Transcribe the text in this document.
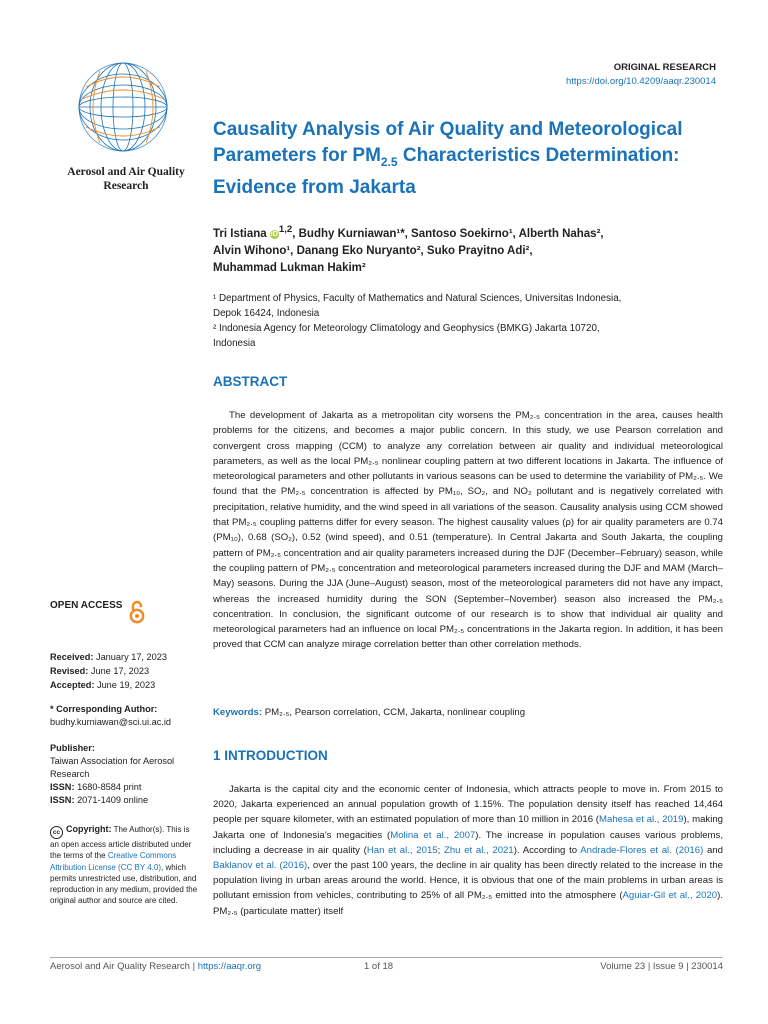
Aerosol and Air Quality Research
ORIGINAL RESEARCH
https://doi.org/10.4209/aaqr.230014
Causality Analysis of Air Quality and Meteorological
Parameters for $PM_{2.5}$ Characteristics Determination:
Evidence from Jakarta
Tri Istiana iD$^{1,2}$, Budhy Kurniawan¹*, Santoso Soekirno¹, Alberth Nahas²,
Alvin Wihono¹, Danang Eko Nuryanto², Suko Prayitno Adi²,
Muhammad Lukman Hakim²
¹ Department of Physics, Faculty of Mathematics and Natural Sciences, Universitas Indonesia,
Depok 16424, Indonesia
² Indonesia Agency for Meteorology Climatology and Geophysics (BMKG) Jakarta 10720,
Indonesia
ABSTRACT

The development of Jakarta as a metropolitan city worsens the PM₂.₅ concentration in the area, causes health problems for the citizens, and becomes a major public concern. In this study, we use Pearson correlation and convergent cross mapping (CCM) to analyze any correlation between air quality and individual meteorological parameters, as well as the local PM₂.₅ nonlinear coupling pattern at two different locations in Jakarta. The influence of meteorological parameters and other pollutants in various seasons can be used to determine the variability of PM₂.₅. We found that the PM₂.₅ concentration is affected by PM₁₀, SO₂, and NO₂ pollutant and is negatively correlated with precipitation, relative humidity, and the wind speed in all variations of the season. Causality analysis using CCM showed that PM₂.₅ coupling patterns differ for every season. The highest causality values (ρ) for air quality parameters are 0.74 (PM₁₀), 0.68 (SO₂), 0.52 (wind speed), and 0.51 (temperature). In Central Jakarta and South Jakarta, the coupling pattern of PM₂.₅ concentration and air quality parameters increased during the DJF (December–February) season, while the coupling pattern of PM₂.₅ concentration and meteorological parameters increased during the DJF and MAM (March–May) seasons. During the JJA (June–August) season, most of the meteorological parameters did not have any impact, whereas the increased humidity during the SON (September–November) season also increased the PM₂.₅ concentration. In conclusion, the significant outcome of our research is to show that individual air quality and meteorological parameters had an influence on local PM₂.₅ concentrations in the Jakarta region. In addition, it has been proved that CCM can analyze mirage correlation better than other correlation methods.

Keywords: PM₂.₅, Pearson correlation, CCM, Jakarta, nonlinear coupling
1 INTRODUCTION

Jakarta is the capital city and the economic center of Indonesia, which attracts people to move in. From 2015 to 2020, Jakarta experienced an annual population growth of 1.15%. The population density itself has reached 14,464 people per square kilometer, with an estimated population of more than 10 million in 2016 (Mahesa et al., 2019), making Jakarta one of Indonesia’s megacities (Molina et al., 2007). The increase in population causes various problems, including a decrease in air quality (Han et al., 2015; Zhu et al., 2021). According to Andrade-Flores et al. (2016) and Baklanov et al. (2016), over the past 100 years, the decline in air quality has been directly related to the increase in the population living in urban areas around the world. Hence, it is obvious that one of the main problems in urban areas is pollutant emission from vehicles, contributing to 25% of all PM₂.₅ emitted into the atmosphere (Aguiar-Gil et al., 2020). PM₂.₅ (particulate matter) itself

OPEN ACCESS
Received: January 17, 2023
Revised: June 17, 2023
Accepted: June 19, 2023
* Corresponding Author:
budhy.kurniawan@sci.ui.ac.id
Publisher:
Taiwan Association for Aerosol Research
ISSN: 1680-8584 print
ISSN: 2071-1409 online
cc Copyright: The Author(s). This is an open access article distributed under the terms of the Creative Commons Attribution License (CC BY 4.0), which permits unrestricted use, distribution, and reproduction in any medium, provided the original author and source are cited.
Aerosol and Air Quality Research | https://aaqr.org	1 of 18	Volume 23 | Issue 9 | 230014
